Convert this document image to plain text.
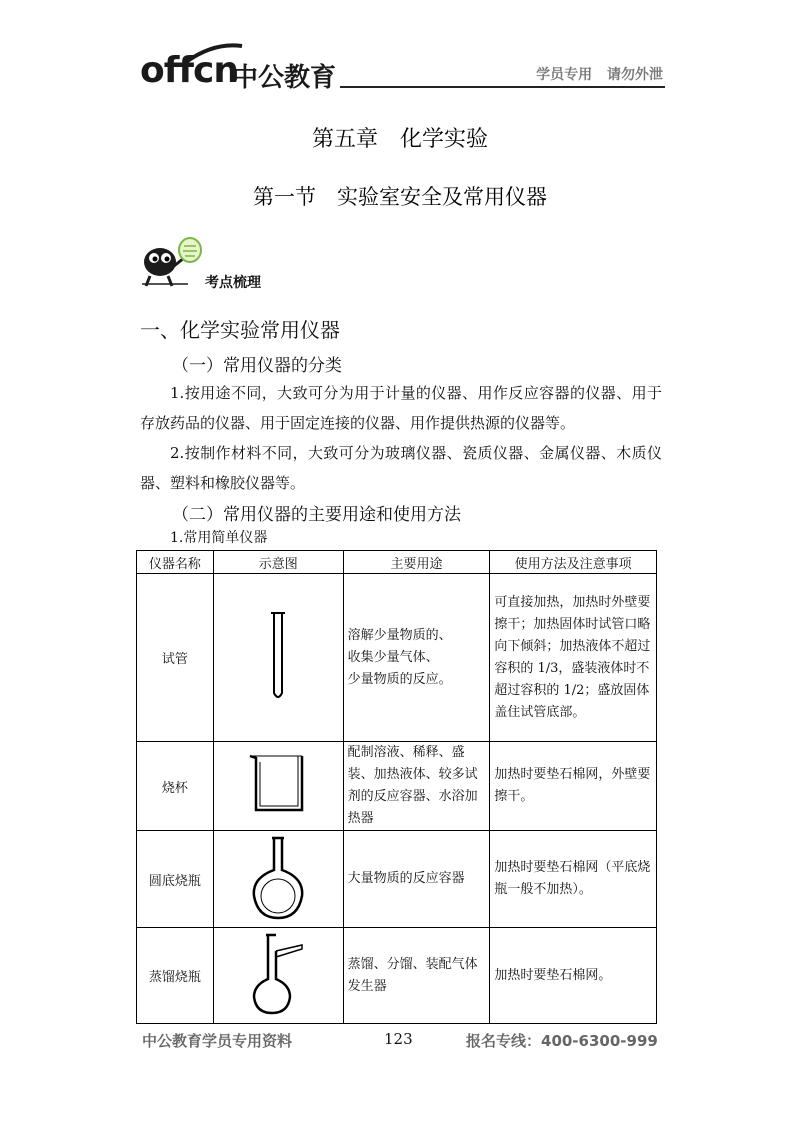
offcn
中公教育	学员专用 请勿外泄
第五章　化学实验
第一节　实验室安全及常用仪器
考点梳理
一、化学实验常用仪器
（一）常用仪器的分类
1.按用途不同，大致可分为用于计量的仪器、用作反应容器的仪器、用于存放药品的仪器、用于固定连接的仪器、用作提供热源的仪器等。
2.按制作材料不同，大致可分为玻璃仪器、瓷质仪器、金属仪器、木质仪器、塑料和橡胶仪器等。
（二）常用仪器的主要用途和使用方法
1.常用简单仪器
仪器名称	示意图	主要用途	使用方法及注意事项
试管		溶解少量物质的、
收集少量气体、
少量物质的反应。	可直接加热，加热时外壁要擦干；加热固体时试管口略向下倾斜；加热液体不超过容积的 1/3，盛装液体时不超过容积的 1/2；盛放固体盖住试管底部。
烧杯		配制溶液、稀释、盛装、加热液体、较多试剂的反应容器、水浴加热器	加热时要垫石棉网，外壁要擦干。
圆底烧瓶		大量物质的反应容器	加热时要垫石棉网（平底烧瓶一般不加热）。
蒸馏烧瓶		蒸馏、分馏、装配气体发生器	加热时要垫石棉网。
中公教育学员专用资料	123	报名专线：400-6300-999
